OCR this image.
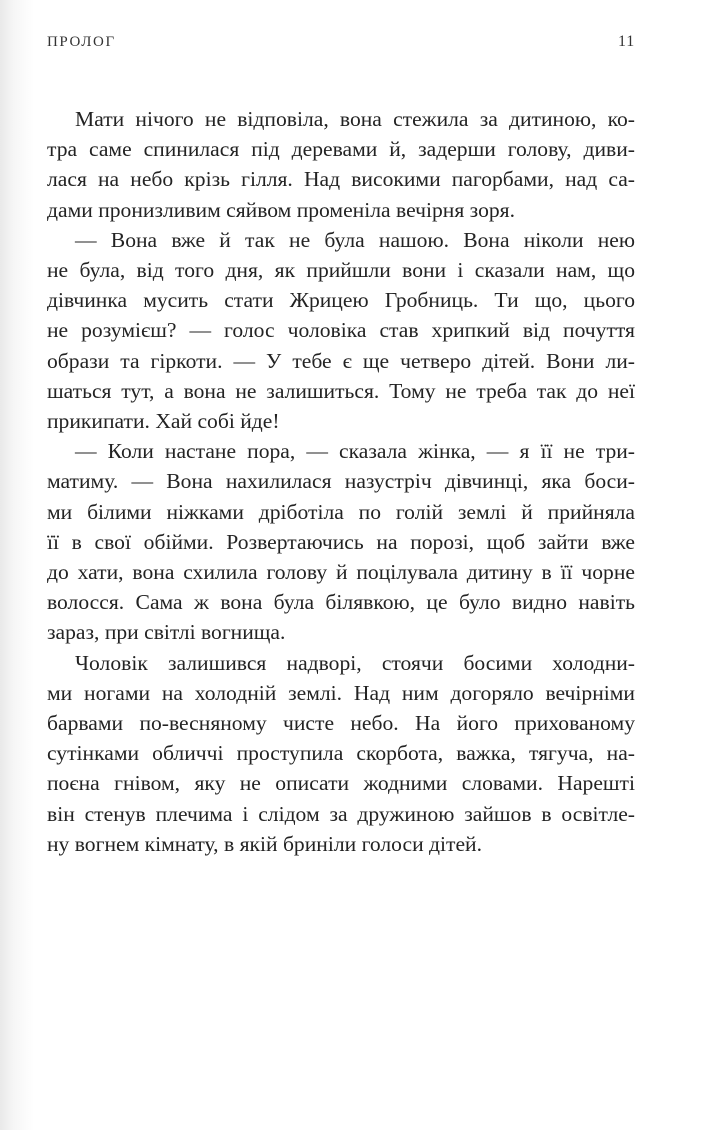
ПРОЛОГ	11
Мати нічого не відповіла, вона стежила за дитиною, ко-
тра саме спинилася під деревами й, задерши голову, диви-
лася на небо крізь гілля. Над високими пагорбами, над са-
дами пронизливим сяйвом променіла вечірня зоря.
— Вона вже й так не була нашою. Вона ніколи нею
не була, від того дня, як прийшли вони і сказали нам, що
дівчинка мусить стати Жрицею Гробниць. Ти що, цього
не розумієш? — голос чоловіка став хрипкий від почуття
образи та гіркоти. — У тебе є ще четверо дітей. Вони ли-
шаться тут, а вона не залишиться. Тому не треба так до неї
прикипати. Хай собі йде!
— Коли настане пора, — сказала жінка, — я її не три-
матиму. — Вона нахилилася назустріч дівчинці, яка боси-
ми білими ніжками дріботіла по голій землі й прийняла
її в свої обійми. Розвертаючись на порозі, щоб зайти вже
до хати, вона схилила голову й поцілувала дитину в її чорне
волосся. Сама ж вона була білявкою, це було видно навіть
зараз, при світлі вогнища.
Чоловік залишився надворі, стоячи босими холодни-
ми ногами на холодній землі. Над ним догоряло вечірніми
барвами по-весняному чисте небо. На його прихованому
сутінками обличчі проступила скорбота, важка, тягуча, на-
поєна гнівом, яку не описати жодними словами. Нарешті
він стенув плечима і слідом за дружиною зайшов в освітле-
ну вогнем кімнату, в якій бриніли голоси дітей.
